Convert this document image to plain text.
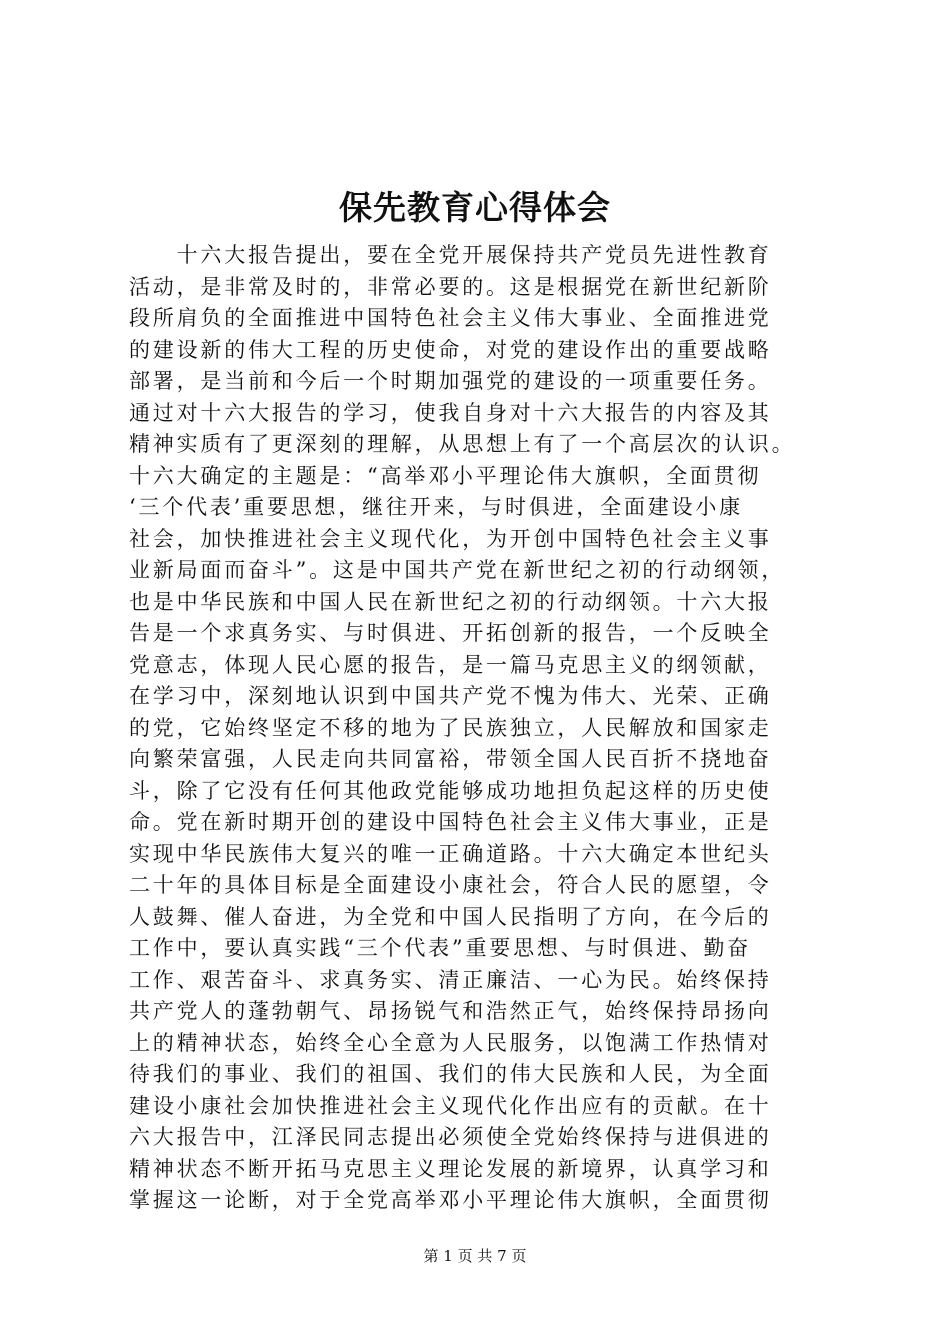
保先教育心得体会
　　十六大报告提出，要在全党开展保持共产党员先进性教育
活动，是非常及时的，非常必要的。这是根据党在新世纪新阶
段所肩负的全面推进中国特色社会主义伟大事业、全面推进党
的建设新的伟大工程的历史使命，对党的建设作出的重要战略
部署，是当前和今后一个时期加强党的建设的一项重要任务。
通过对十六大报告的学习，使我自身对十六大报告的内容及其
精神实质有了更深刻的理解，从思想上有了一个高层次的认识。
十六大确定的主题是：“高举邓小平理论伟大旗帜，全面贯彻
‘三个代表’重要思想，继往开来，与时俱进，全面建设小康
社会，加快推进社会主义现代化，为开创中国特色社会主义事
业新局面而奋斗”。这是中国共产党在新世纪之初的行动纲领，
也是中华民族和中国人民在新世纪之初的行动纲领。十六大报
告是一个求真务实、与时俱进、开拓创新的报告，一个反映全
党意志，体现人民心愿的报告，是一篇马克思主义的纲领献，
在学习中，深刻地认识到中国共产党不愧为伟大、光荣、正确
的党，它始终坚定不移的地为了民族独立，人民解放和国家走
向繁荣富强，人民走向共同富裕，带领全国人民百折不挠地奋
斗，除了它没有任何其他政党能够成功地担负起这样的历史使
命。党在新时期开创的建设中国特色社会主义伟大事业，正是
实现中华民族伟大复兴的唯一正确道路。十六大确定本世纪头
二十年的具体目标是全面建设小康社会，符合人民的愿望，令
人鼓舞、催人奋进，为全党和中国人民指明了方向，在今后的
工作中，要认真实践“三个代表”重要思想、与时俱进、勤奋
工作、艰苦奋斗、求真务实、清正廉洁、一心为民。始终保持
共产党人的蓬勃朝气、昂扬锐气和浩然正气，始终保持昂扬向
上的精神状态，始终全心全意为人民服务，以饱满工作热情对
待我们的事业、我们的祖国、我们的伟大民族和人民，为全面
建设小康社会加快推进社会主义现代化作出应有的贡献。在十
六大报告中，江泽民同志提出必须使全党始终保持与进俱进的
精神状态不断开拓马克思主义理论发展的新境界，认真学习和
掌握这一论断，对于全党高举邓小平理论伟大旗帜，全面贯彻
第 1 页 共 7 页
